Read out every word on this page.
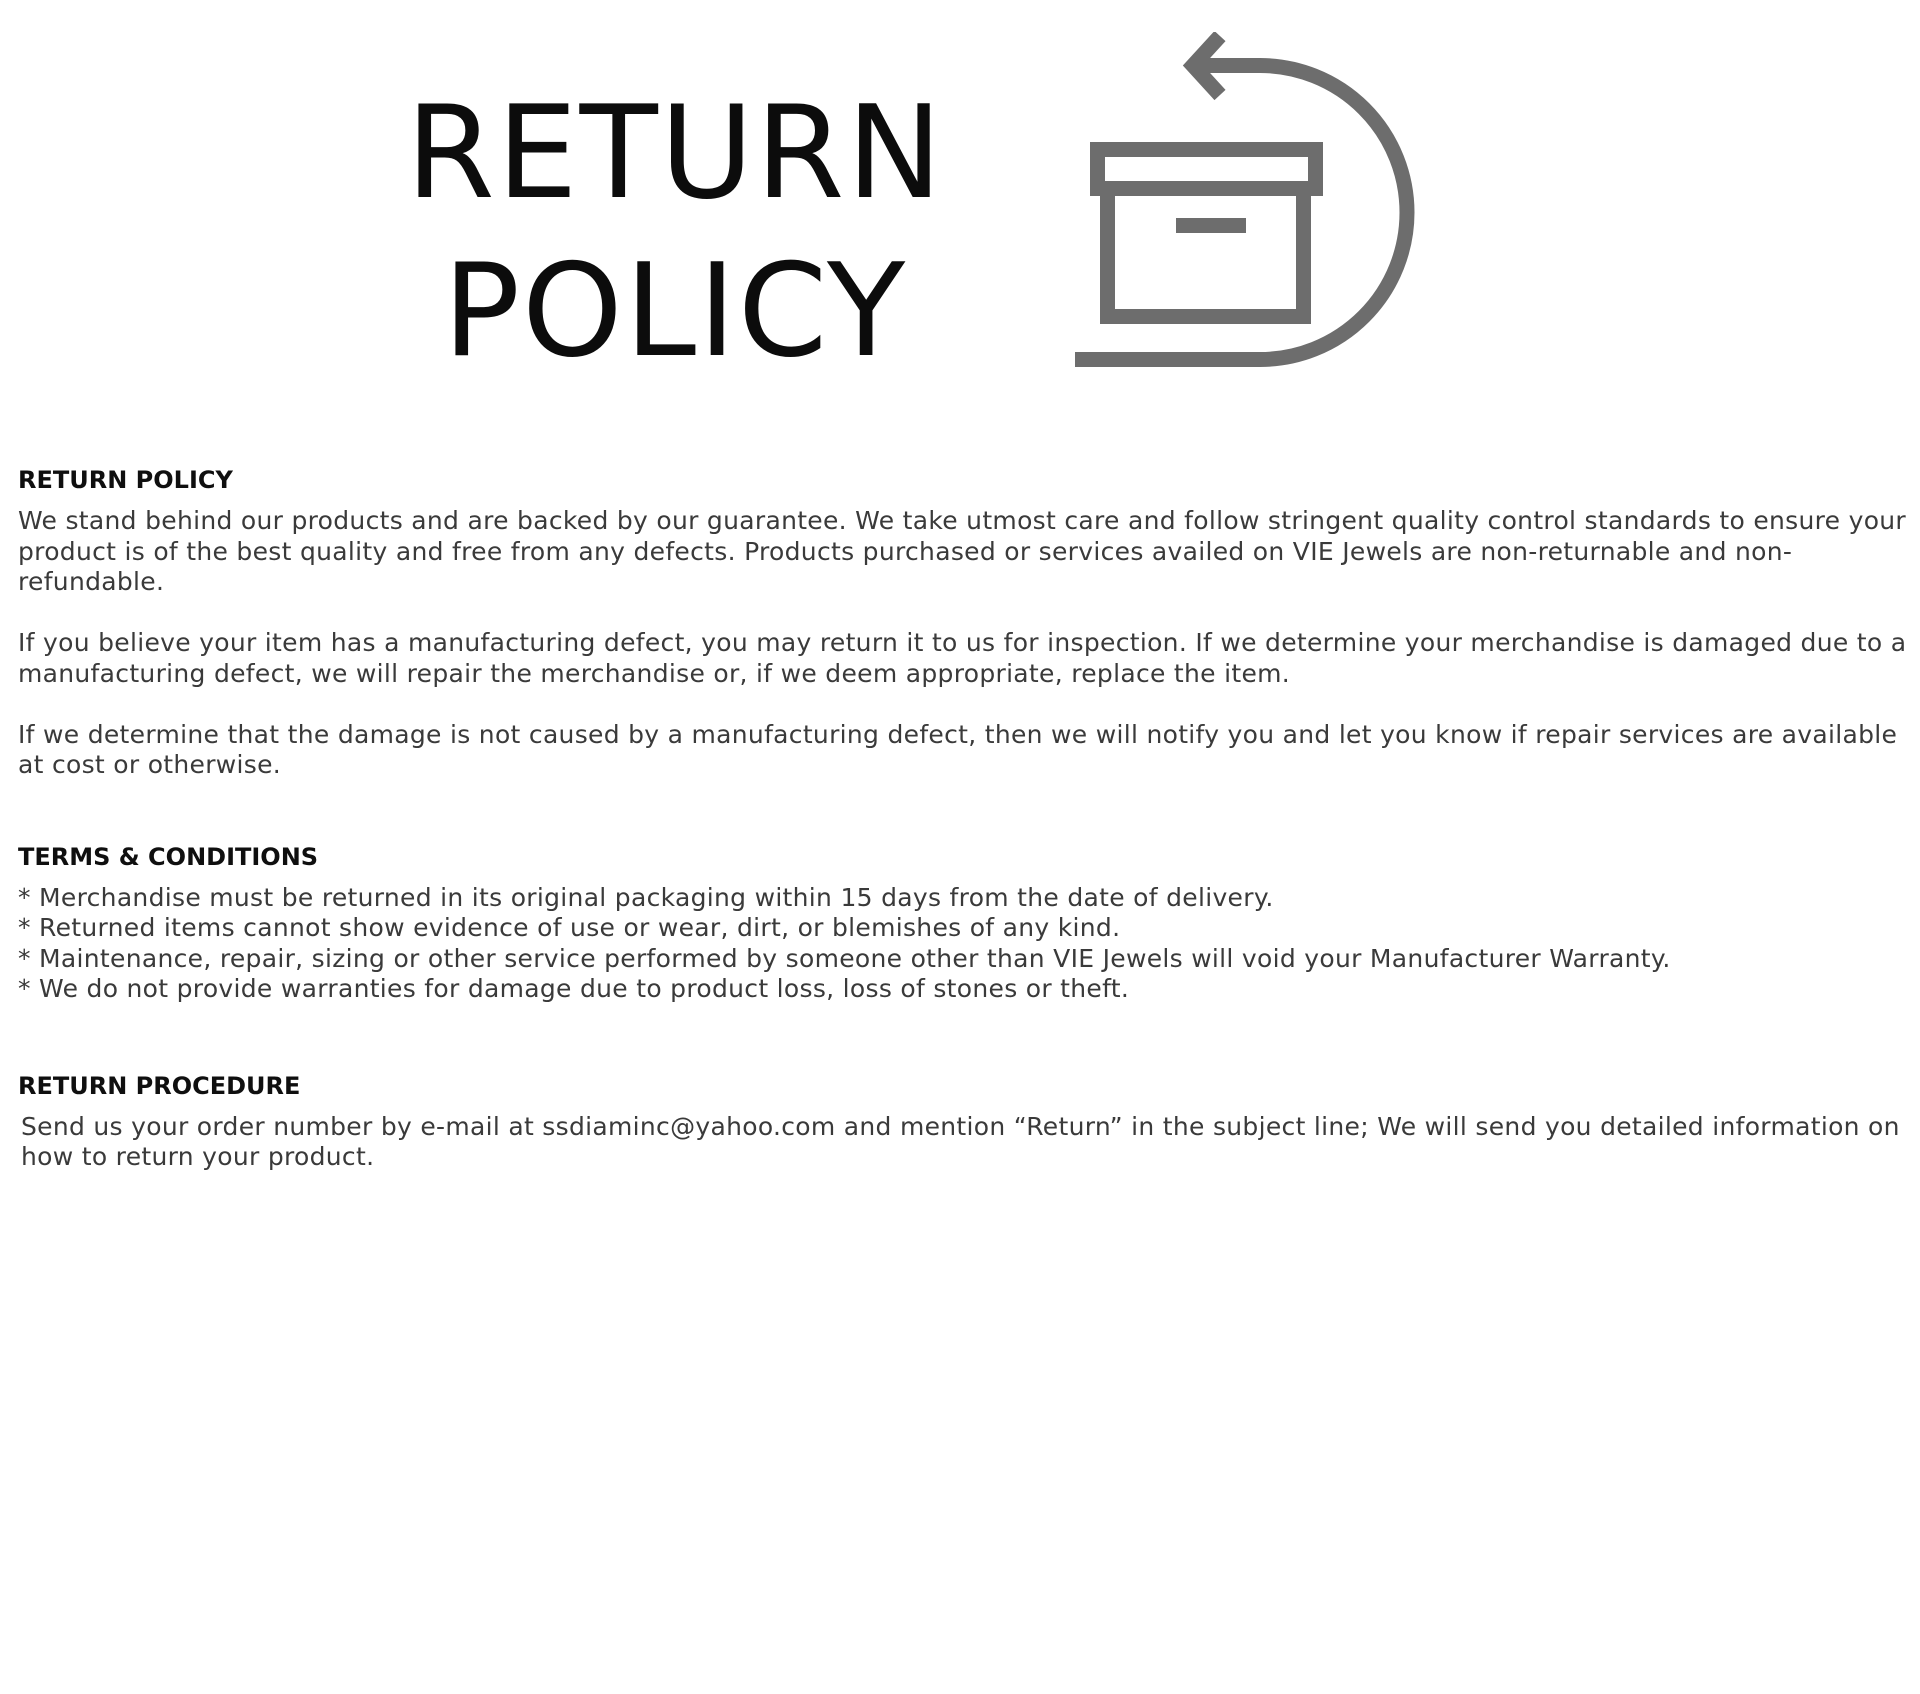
RETURN
POLICY
RETURN POLICY

We stand behind our products and are backed by our guarantee. We take utmost care and follow stringent quality control standards to ensure your product is of the best quality and free from any defects. Products purchased or services availed on VIE Jewels are non-returnable and non-refundable.

If you believe your item has a manufacturing defect, you may return it to us for inspection. If we determine your merchandise is damaged due to a manufacturing defect, we will repair the merchandise or, if we deem appropriate, replace the item.

If we determine that the damage is not caused by a manufacturing defect, then we will notify you and let you know if repair services are available at cost or otherwise.

TERMS & CONDITIONS
* Merchandise must be returned in its original packaging within 15 days from the date of delivery.
* Returned items cannot show evidence of use or wear, dirt, or blemishes of any kind.
* Maintenance, repair, sizing or other service performed by someone other than VIE Jewels will void your Manufacturer Warranty.
* We do not provide warranties for damage due to product loss, loss of stones or theft.
RETURN PROCEDURE

Send us your order number by e-mail at ssdiaminc@yahoo.com and mention “Return” in the subject line; We will send you detailed information on how to return your product.
